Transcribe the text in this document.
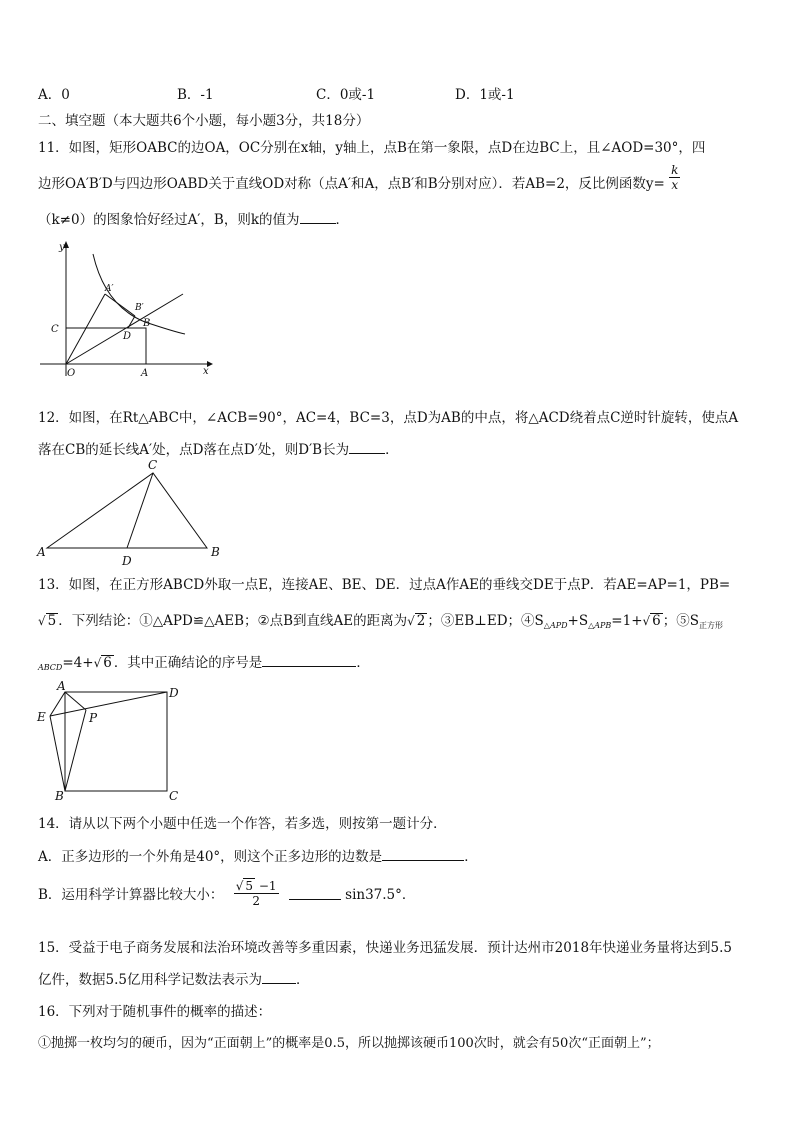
A．0	B．-1	C．0或-1	D．1或-1
二、填空题（本大题共6个小题，每小题3分，共18分）
11．如图，矩形OABC的边OA，OC分别在x轴，y轴上，点B在第一象限，点D在边BC上，且∠AOD=30°，四
边形OA′B′D与四边形OABD关于直线OD对称（点A′和A，点B′和B分别对应）．若AB=2，反比例函数$y= \frac{k}{x}$
（k≠0）的图象恰好经过A′，B，则k的值为	．
y
x
O	A
C
B
D
A′
B′
12．如图，在Rt△ABC中，∠ACB=90°，AC=4，BC=3，点D为AB的中点，将△ACD绕着点C逆时针旋转，使点A
落在CB的延长线A′处，点D落在点D′处，则D′B长为	．
C
A
D
B
13．如图，在正方形ABCD外取一点E，连接AE、BE、DE．过点A作AE的垂线交DE于点P．若AE=AP=1，PB=
√ 5 ．下列结论：①△APD≌△AEB；②点B到直线AE的距离为√ 2 ；③EB⊥ED；$④S_{\triangle APD}+S_{\triangle APB}=1+√$ 6 ；$⑤S_{正方形}$
$_{ABCD}$=4+√ 6 ．其中正确结论的序号是	．
A	D
E	P
B	C
14．请从以下两个小题中任选一个作答，若多选，则按第一题计分．
A．正多边形的一个外角是40°，则这个正多边形的边数是	．
B．运用科学计算器比较大小： $\frac{√ 5 -1}{2}$	sin37.5°．
15．受益于电子商务发展和法治环境改善等多重因素，快递业务迅猛发展．预计达州市2018年快递业务量将达到5.5
亿件，数据5.5亿用科学记数法表示为	．
16．下列对于随机事件的概率的描述：
①抛掷一枚均匀的硬币，因为“正面朝上”的概率是0.5，所以抛掷该硬币100次时，就会有50次“正面朝上”；
